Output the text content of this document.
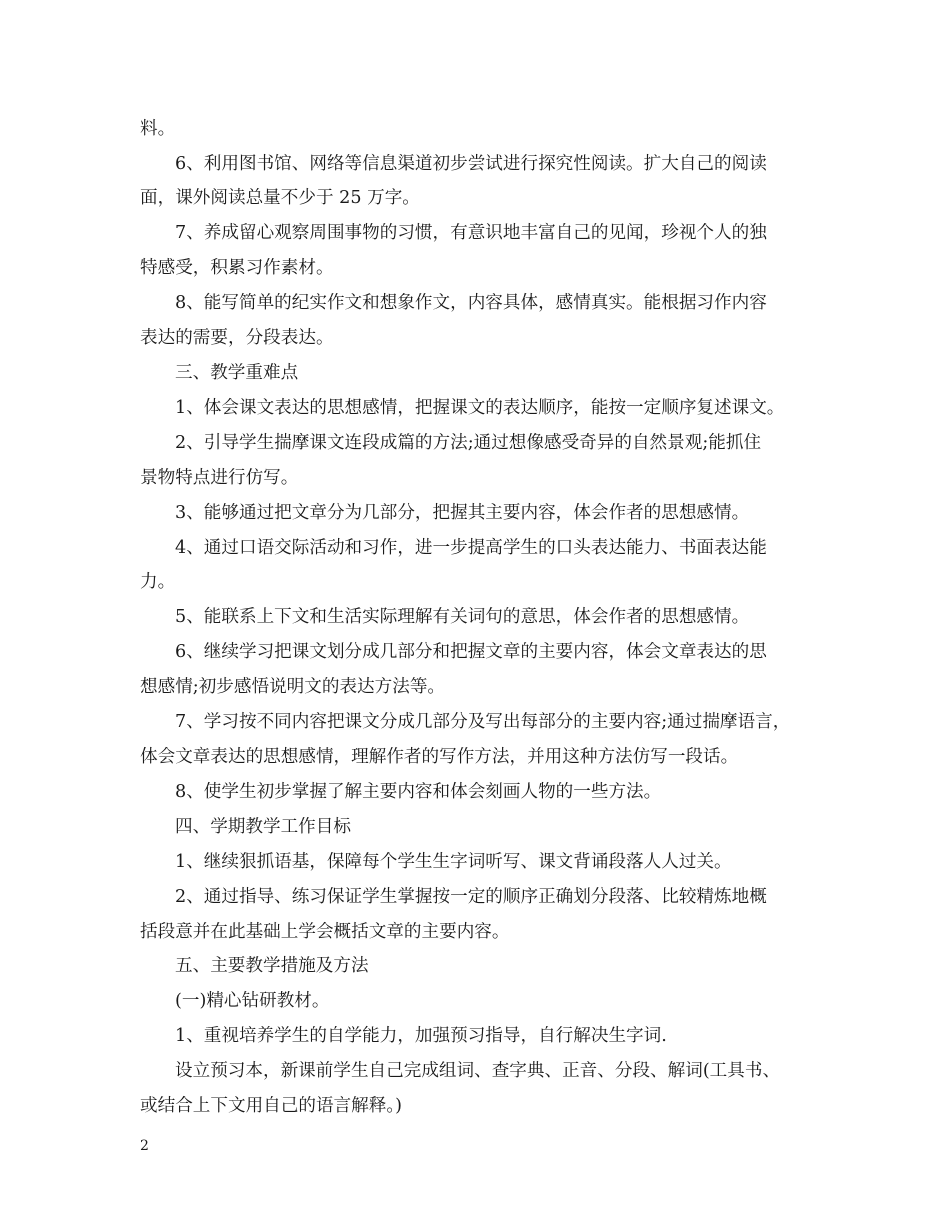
料。
6、利用图书馆、网络等信息渠道初步尝试进行探究性阅读。扩大自己的阅读
面，课外阅读总量不少于 25 万字。
7、养成留心观察周围事物的习惯，有意识地丰富自己的见闻，珍视个人的独
特感受，积累习作素材。
8、能写简单的纪实作文和想象作文，内容具体，感情真实。能根据习作内容
表达的需要，分段表达。
三、教学重难点
1、体会课文表达的思想感情，把握课文的表达顺序，能按一定顺序复述课文。
2、引导学生揣摩课文连段成篇的方法;通过想像感受奇异的自然景观;能抓住
景物特点进行仿写。
3、能够通过把文章分为几部分，把握其主要内容，体会作者的思想感情。
4、通过口语交际活动和习作，进一步提高学生的口头表达能力、书面表达能
力。
5、能联系上下文和生活实际理解有关词句的意思，体会作者的思想感情。
6、继续学习把课文划分成几部分和把握文章的主要内容，体会文章表达的思
想感情;初步感悟说明文的表达方法等。
7、学习按不同内容把课文分成几部分及写出每部分的主要内容;通过揣摩语言，
体会文章表达的思想感情，理解作者的写作方法，并用这种方法仿写一段话。
8、使学生初步掌握了解主要内容和体会刻画人物的一些方法。
四、学期教学工作目标
1、继续狠抓语基，保障每个学生生字词听写、课文背诵段落人人过关。
2、通过指导、练习保证学生掌握按一定的顺序正确划分段落、比较精炼地概
括段意并在此基础上学会概括文章的主要内容。
五、主要教学措施及方法
(一)精心钻研教材。
1、重视培养学生的自学能力，加强预习指导，自行解决生字词.
设立预习本，新课前学生自己完成组词、查字典、正音、分段、解词(工具书、
或结合上下文用自己的语言解释。)
2
